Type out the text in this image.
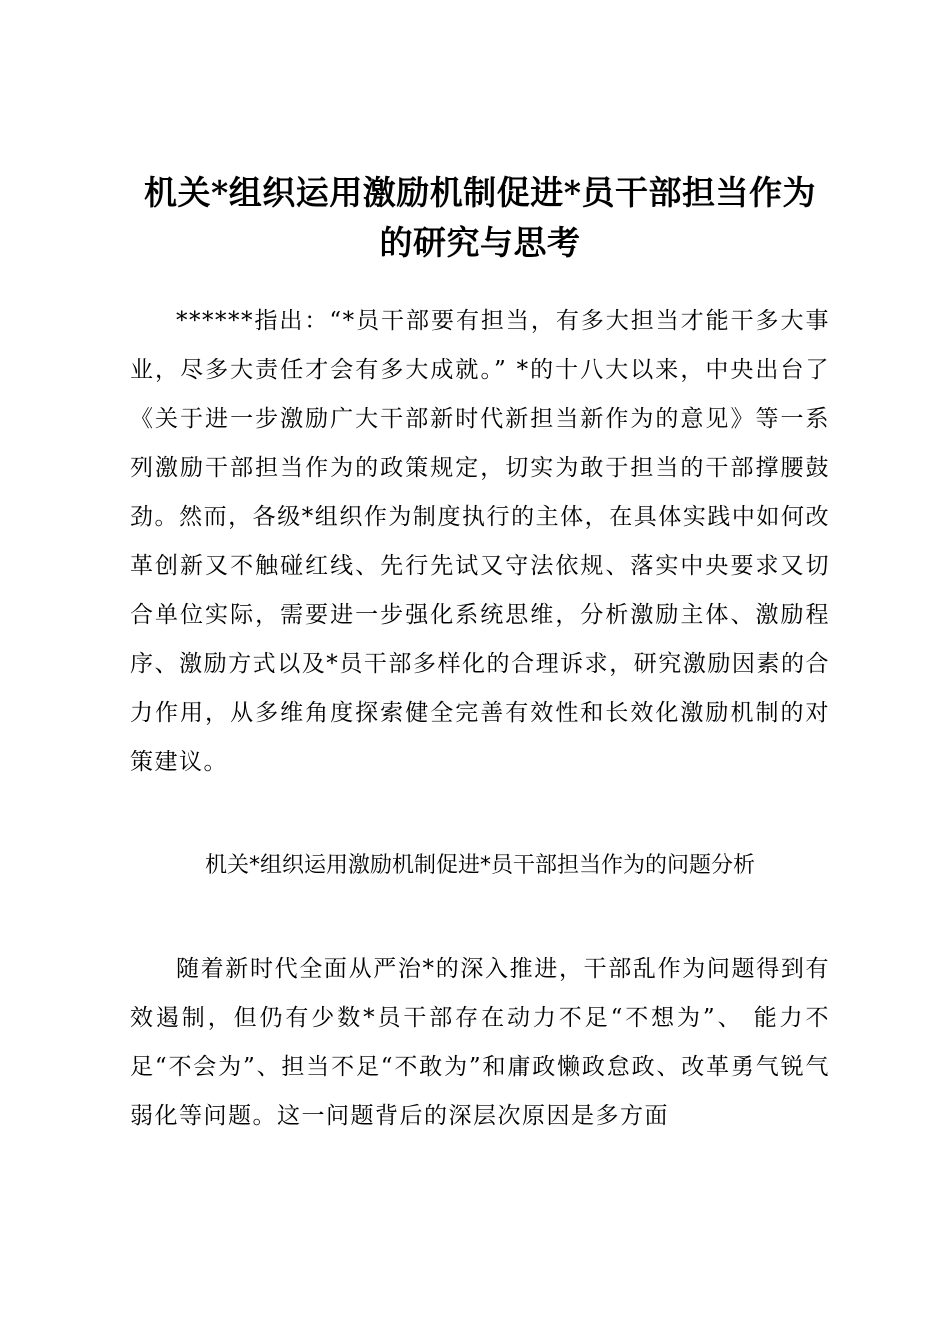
机关*组织运用激励机制促进*员干部担当作为
的研究与思考

******指出：“*员干部要有担当，有多大担当才能干多大事业，尽多大责任才会有多大成就。” *的十八大以来，中央出台了《关于进一步激励广大干部新时代新担当新作为的意见》等一系列激励干部担当作为的政策规定，切实为敢于担当的干部撑腰鼓劲。然而，各级*组织作为制度执行的主体，在具体实践中如何改革创新又不触碰红线、先行先试又守法依规、落实中央要求又切合单位实际，需要进一步强化系统思维，分析激励主体、激励程序、激励方式以及*员干部多样化的合理诉求，研究激励因素的合力作用，从多维角度探索健全完善有效性和长效化激励机制的对策建议。

机关*组织运用激励机制促进*员干部担当作为的问题分析

随着新时代全面从严治*的深入推进，干部乱作为问题得到有效遏制，但仍有少数*员干部存在动力不足“不想为”、 能力不足“不会为”、担当不足“不敢为”和庸政懒政怠政、改革勇气锐气弱化等问题。这一问题背后的深层次原因是多方面
